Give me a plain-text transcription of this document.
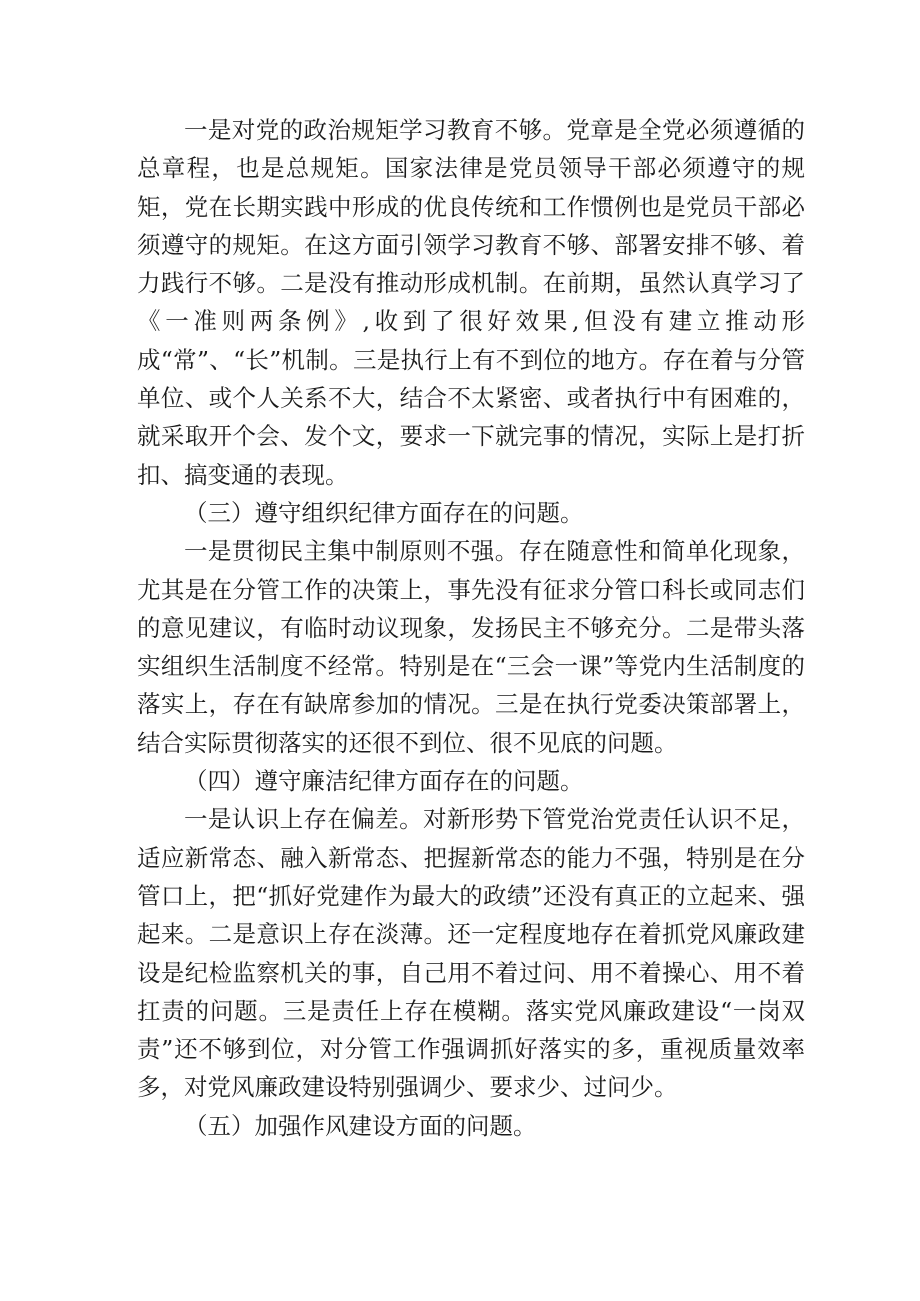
一是对党的政治规矩学习教育不够。党章是全党必须遵循的总章程，也是总规矩。国家法律是党员领导干部必须遵守的规矩，党在长期实践中形成的优良传统和工作惯例也是党员干部必须遵守的规矩。在这方面引领学习教育不够、部署安排不够、着力践行不够。二是没有推动形成机制。在前期，虽然认真学习了《一准则两条例》,收到了很好效果,但没有建立推动形成“常”、“长”机制。三是执行上有不到位的地方。存在着与分管单位、或个人关系不大，结合不太紧密、或者执行中有困难的，就采取开个会、发个文，要求一下就完事的情况，实际上是打折扣、搞变通的表现。

（三）遵守组织纪律方面存在的问题。

一是贯彻民主集中制原则不强。存在随意性和简单化现象，尤其是在分管工作的决策上，事先没有征求分管口科长或同志们的意见建议，有临时动议现象，发扬民主不够充分。二是带头落实组织生活制度不经常。特别是在“三会一课”等党内生活制度的落实上，存在有缺席参加的情况。三是在执行党委决策部署上，结合实际贯彻落实的还很不到位、很不见底的问题。

（四）遵守廉洁纪律方面存在的问题。

一是认识上存在偏差。对新形势下管党治党责任认识不足，适应新常态、融入新常态、把握新常态的能力不强，特别是在分管口上，把“抓好党建作为最大的政绩”还没有真正的立起来、强起来。二是意识上存在淡薄。还一定程度地存在着抓党风廉政建设是纪检监察机关的事，自己用不着过问、用不着操心、用不着扛责的问题。三是责任上存在模糊。落实党风廉政建设“一岗双责”还不够到位，对分管工作强调抓好落实的多，重视质量效率多，对党风廉政建设特别强调少、要求少、过问少。

（五）加强作风建设方面的问题。
